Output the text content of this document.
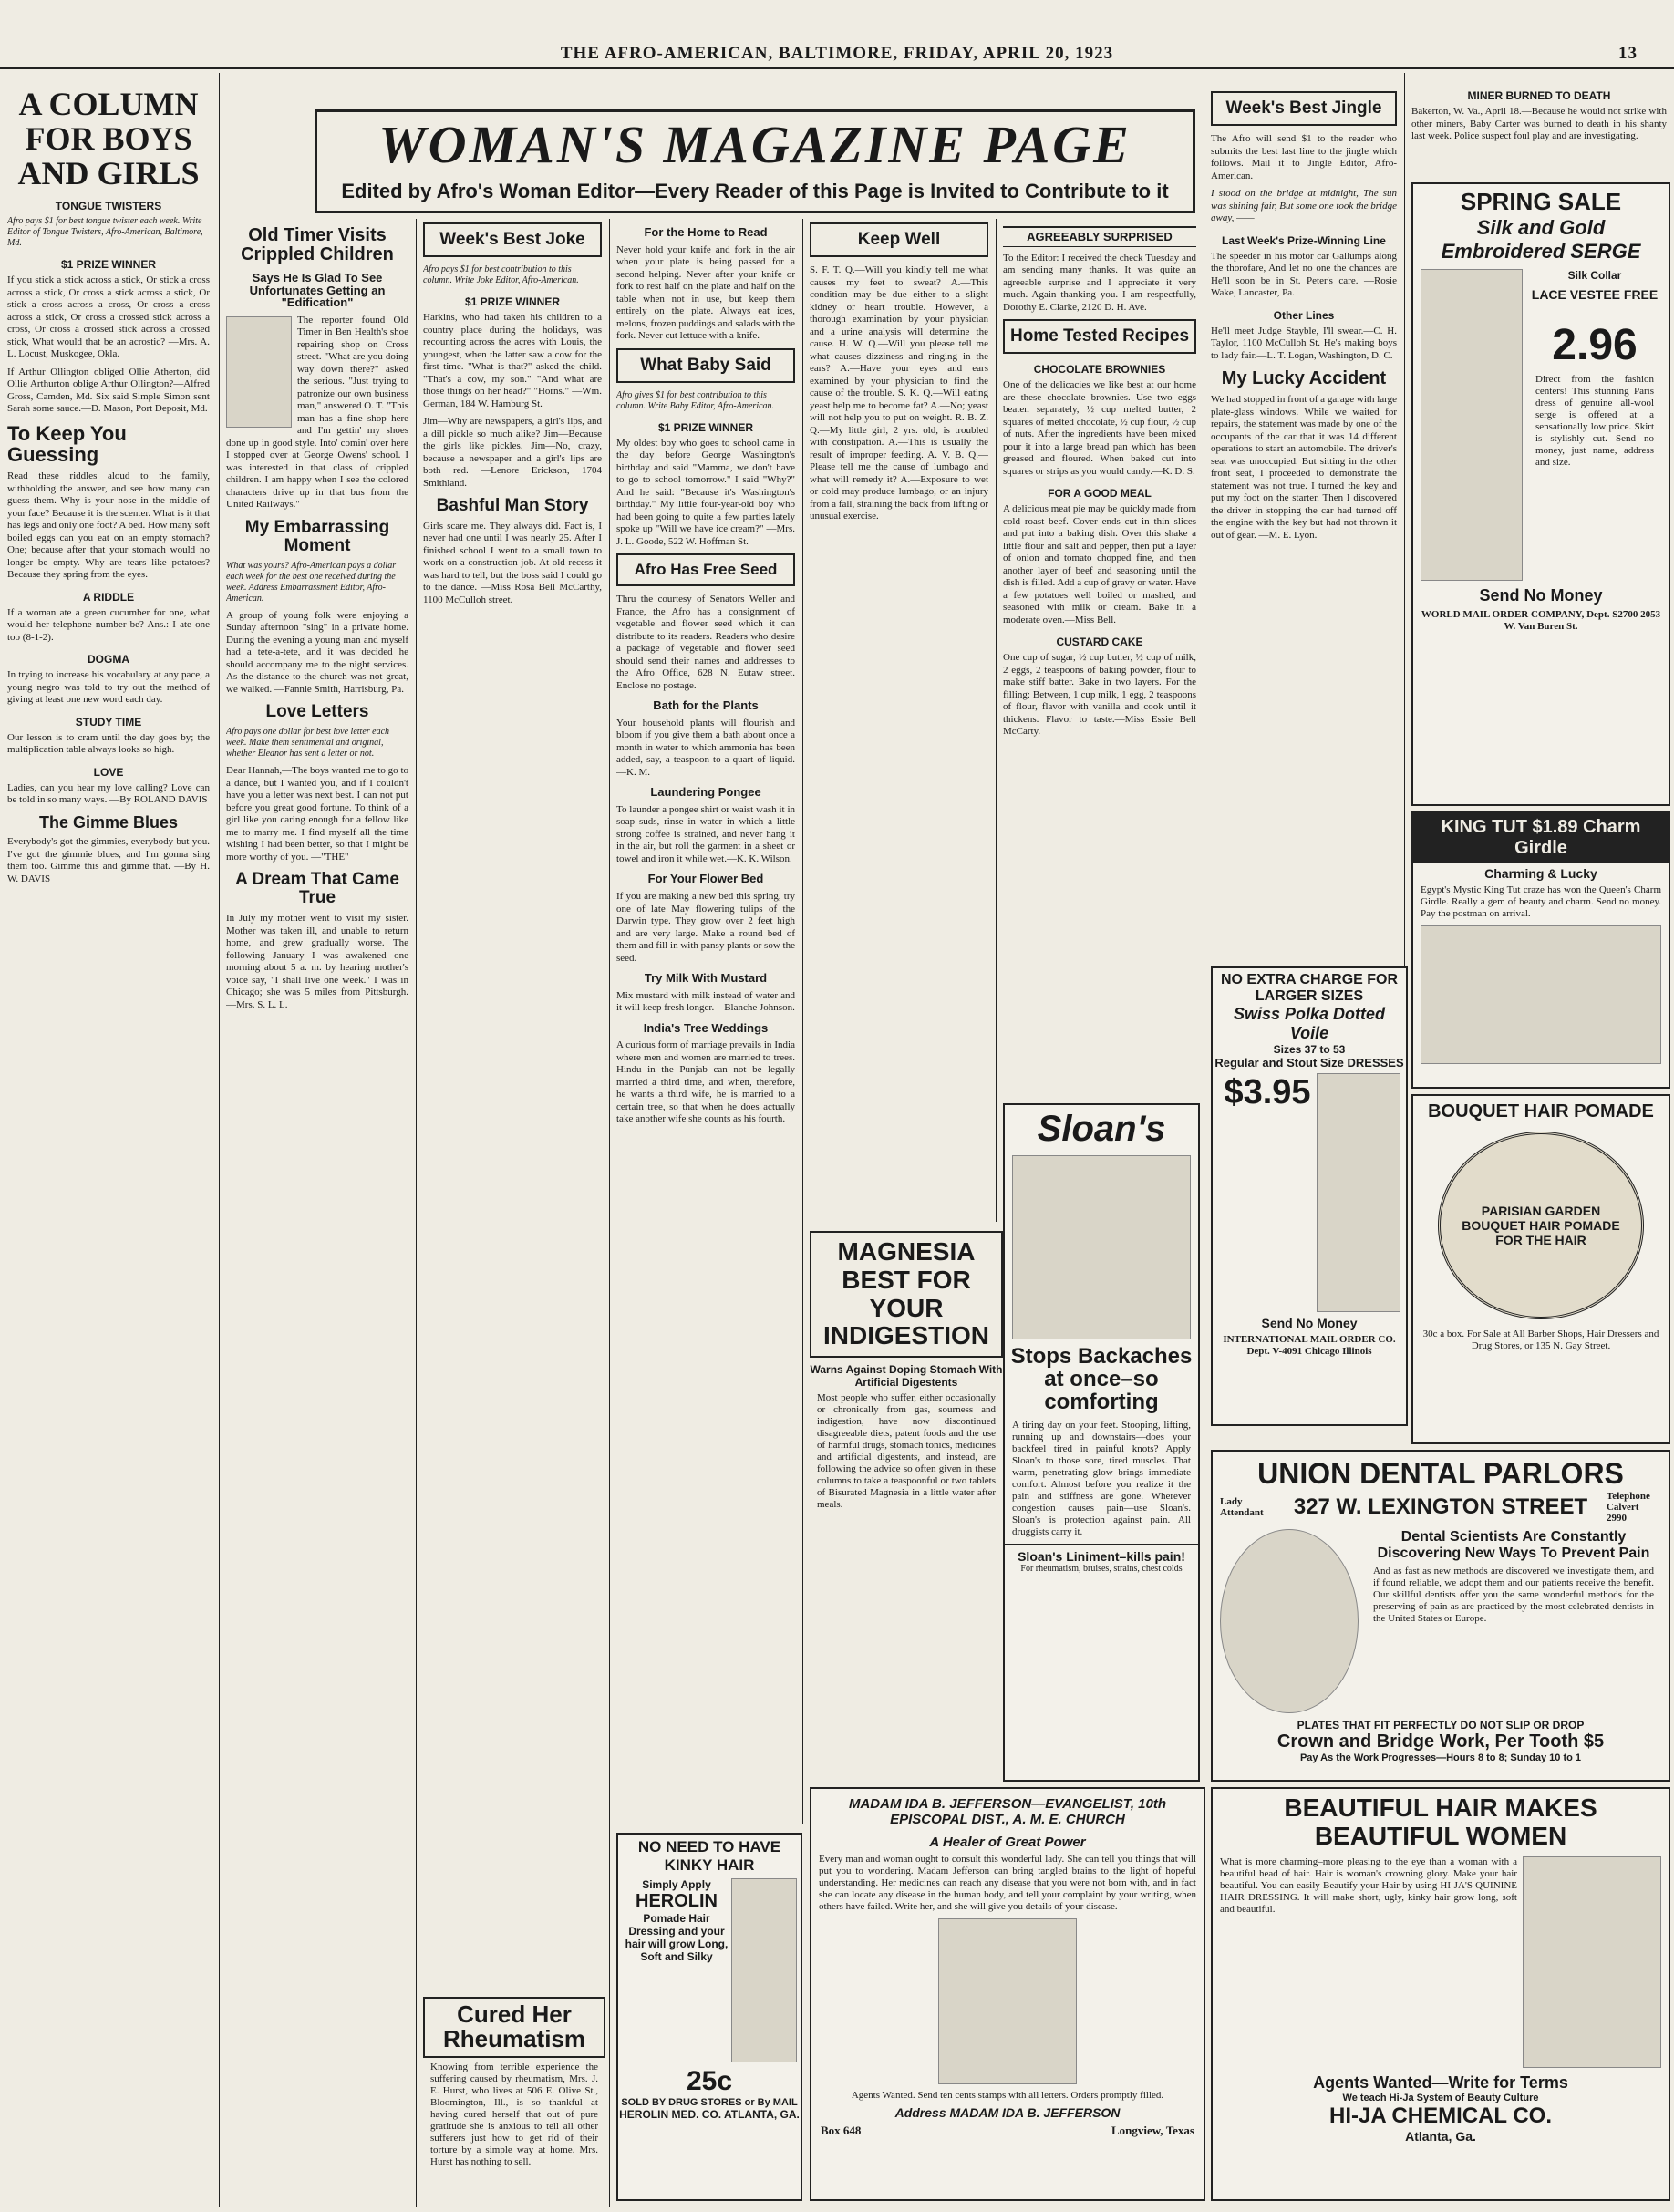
THE AFRO-AMERICAN, BALTIMORE, FRIDAY, APRIL 20, 1923	13
WOMAN'S MAGAZINE PAGE
Edited by Afro's Woman Editor—Every Reader of this Page is Invited to Contribute to it
A COLUMN FOR BOYS AND GIRLS
TONGUE TWISTERS
Afro pays $1 for best tongue twister each week. Write Editor of Tongue Twisters, Afro-American, Baltimore, Md.
$1 PRIZE WINNER

If you stick a stick across a stick, Or stick a cross across a stick, Or cross a stick across a stick, Or stick a cross across a cross, Or cross a cross across a stick, Or cross a crossed stick across a cross, Or cross a crossed stick across a crossed stick, What would that be an acrostic? —Mrs. A. L. Locust, Muskogee, Okla.

If Arthur Ollington obliged Ollie Atherton, did Ollie Arthurton oblige Arthur Ollington?—Alfred Gross, Camden, Md. Six said Simple Simon sent Sarah some sauce.—D. Mason, Port Deposit, Md.

To Keep You Guessing

Read these riddles aloud to the family, withholding the answer, and see how many can guess them. Why is your nose in the middle of your face? Because it is the scenter. What is it that has legs and only one foot? A bed. How many soft boiled eggs can you eat on an empty stomach? One; because after that your stomach would no longer be empty. Why are tears like potatoes? Because they spring from the eyes.

A RIDDLE

If a woman ate a green cucumber for one, what would her telephone number be? Ans.: I ate one too (8-1-2).

DOGMA

In trying to increase his vocabulary at any pace, a young negro was told to try out the method of giving at least one new word each day.

STUDY TIME

Our lesson is to cram until the day goes by; the multiplication table always looks so high.

LOVE

Ladies, can you hear my love calling? Love can be told in so many ways. —By ROLAND DAVIS

The Gimme Blues

Everybody's got the gimmies, everybody but you. I've got the gimmie blues, and I'm gonna sing them too. Gimme this and gimme that. —By H. W. DAVIS

Old Timer Visits Crippled Children
Says He Is Glad To See Unfortunates Getting an "Edification"

The reporter found Old Timer in Ben Health's shoe repairing shop on Cross street. "What are you doing way down there?" asked the serious. "Just trying to patronize our own business man," answered O. T. "This man has a fine shop here and I'm gettin' my shoes done up in good style. Into' comin' over here I stopped over at George Owens' school. I was interested in that class of crippled children. I am happy when I see the colored characters drive up in that bus from the United Railways."

My Embarrassing Moment
What was yours? Afro-American pays a dollar each week for the best one received during the week. Address Embarrassment Editor, Afro-American.

A group of young folk were enjoying a Sunday afternoon "sing" in a private home. During the evening a young man and myself had a tete-a-tete, and it was decided he should accompany me to the night services. As the distance to the church was not great, we walked. —Fannie Smith, Harrisburg, Pa.

Love Letters
Afro pays one dollar for best love letter each week. Make them sentimental and original, whether Eleanor has sent a letter or not.

Dear Hannah,—The boys wanted me to go to a dance, but I wanted you, and if I couldn't have you a letter was next best. I can not put before you great good fortune. To think of a girl like you caring enough for a fellow like me to marry me. I find myself all the time wishing I had been better, so that I might be more worthy of you. —"THE"

A Dream That Came True

In July my mother went to visit my sister. Mother was taken ill, and unable to return home, and grew gradually worse. The following January I was awakened one morning about 5 a. m. by hearing mother's voice say, "I shall live one week." I was in Chicago; she was 5 miles from Pittsburgh. —Mrs. S. L. L.

Week's Best Joke
Afro pays $1 for best contribution to this column. Write Joke Editor, Afro-American.
$1 PRIZE WINNER

Harkins, who had taken his children to a country place during the holidays, was recounting across the acres with Louis, the youngest, when the latter saw a cow for the first time. "What is that?" asked the child. "That's a cow, my son." "And what are those things on her head?" "Horns." —Wm. German, 184 W. Hamburg St.

Jim—Why are newspapers, a girl's lips, and a dill pickle so much alike? Jim—Because the girls like pickles. Jim—No, crazy, because a newspaper and a girl's lips are both red. —Lenore Erickson, 1704 Smithland.

Bashful Man Story

Girls scare me. They always did. Fact is, I never had one until I was nearly 25. After I finished school I went to a small town to work on a construction job. At old recess it was hard to tell, but the boss said I could go to the dance. —Miss Rosa Bell McCarthy, 1100 McCulloh street.

For the Home to Read

Never hold your knife and fork in the air when your plate is being passed for a second helping. Never after your knife or fork to rest half on the plate and half on the table when not in use, but keep them entirely on the plate. Always eat ices, melons, frozen puddings and salads with the fork. Never cut lettuce with a knife.

What Baby Said
Afro gives $1 for best contribution to this column. Write Baby Editor, Afro-American.
$1 PRIZE WINNER

My oldest boy who goes to school came in the day before George Washington's birthday and said "Mamma, we don't have to go to school tomorrow." I said "Why?" And he said: "Because it's Washington's birthday." My little four-year-old boy who had been going to quite a few parties lately spoke up "Will we have ice cream?" —Mrs. J. L. Goode, 522 W. Hoffman St.

Afro Has Free Seed

Thru the courtesy of Senators Weller and France, the Afro has a consignment of vegetable and flower seed which it can distribute to its readers. Readers who desire a package of vegetable and flower seed should send their names and addresses to the Afro Office, 628 N. Eutaw street. Enclose no postage.

Bath for the Plants

Your household plants will flourish and bloom if you give them a bath about once a month in water to which ammonia has been added, say, a teaspoon to a quart of liquid.—K. M.

Laundering Pongee

To launder a pongee shirt or waist wash it in soap suds, rinse in water in which a little strong coffee is strained, and never hang it in the air, but roll the garment in a sheet or towel and iron it while wet.—K. K. Wilson.

For Your Flower Bed

If you are making a new bed this spring, try one of late May flowering tulips of the Darwin type. They grow over 2 feet high and are very large. Make a round bed of them and fill in with pansy plants or sow the seed.

Try Milk With Mustard

Mix mustard with milk instead of water and it will keep fresh longer.—Blanche Johnson.

India's Tree Weddings

A curious form of marriage prevails in India where men and women are married to trees. Hindu in the Punjab can not be legally married a third time, and when, therefore, he wants a third wife, he is married to a certain tree, so that when he does actually take another wife she counts as his fourth.

Keep Well

S. F. T. Q.—Will you kindly tell me what causes my feet to sweat? A.—This condition may be due either to a slight kidney or heart trouble. However, a thorough examination by your physician and a urine analysis will determine the cause. H. W. Q.—Will you please tell me what causes dizziness and ringing in the ears? A.—Have your eyes and ears examined by your physician to find the cause of the trouble. S. K. Q.—Will eating yeast help me to become fat? A.—No; yeast will not help you to put on weight. R. B. Z. Q.—My little girl, 2 yrs. old, is troubled with constipation. A.—This is usually the result of improper feeding. A. V. B. Q.—Please tell me the cause of lumbago and what will remedy it? A.—Exposure to wet or cold may produce lumbago, or an injury from a fall, straining the back from lifting or unusual exercise.

AGREEABLY SURPRISED

To the Editor: I received the check Tuesday and am sending many thanks. It was quite an agreeable surprise and I appreciate it very much. Again thanking you. I am respectfully, Dorothy E. Clarke, 2120 D. H. Ave.

Home Tested Recipes
CHOCOLATE BROWNIES

One of the delicacies we like best at our home are these chocolate brownies. Use two eggs beaten separately, ½ cup melted butter, 2 squares of melted chocolate, ½ cup flour, ½ cup of nuts. After the ingredients have been mixed pour it into a large bread pan which has been greased and floured. When baked cut into squares or strips as you would candy.—K. D. S.

FOR A GOOD MEAL

A delicious meat pie may be quickly made from cold roast beef. Cover ends cut in thin slices and put into a baking dish. Over this shake a little flour and salt and pepper, then put a layer of onion and tomato chopped fine, and then another layer of beef and seasoning until the dish is filled. Add a cup of gravy or water. Have a few potatoes well boiled or mashed, and seasoned with milk or cream. Bake in a moderate oven.—Miss Bell.

CUSTARD CAKE

One cup of sugar, ½ cup butter, ½ cup of milk, 2 eggs, 2 teaspoons of baking powder, flour to make stiff batter. Bake in two layers. For the filling: Between, 1 cup milk, 1 egg, 2 teaspoons of flour, flavor with vanilla and cook until it thickens. Flavor to taste.—Miss Essie Bell McCarty.

Week's Best Jingle

The Afro will send $1 to the reader who submits the best last line to the jingle which follows. Mail it to Jingle Editor, Afro-American.

I stood on the bridge at midnight, The sun was shining fair, But some one took the bridge away, ——

Last Week's Prize-Winning Line

The speeder in his motor car Gallumps along the thorofare, And let no one the chances are He'll soon be in St. Peter's care. —Rosie Wake, Lancaster, Pa.

Other Lines

He'll meet Judge Stayble, I'll swear.—C. H. Taylor, 1100 McCulloh St. He's making boys to lady fair.—L. T. Logan, Washington, D. C.

My Lucky Accident

We had stopped in front of a garage with large plate-glass windows. While we waited for repairs, the statement was made by one of the occupants of the car that it was 14 different operations to start an automobile. The driver's seat was unoccupied. But sitting in the other front seat, I proceeded to demonstrate the statement was not true. I turned the key and put my foot on the starter. Then I discovered the driver in stopping the car had turned off the engine with the key but had not thrown it out of gear. —M. E. Lyon.

MINER BURNED TO DEATH

Bakerton, W. Va., April 18.—Because he would not strike with other miners, Baby Carter was burned to death in his shanty last week. Police suspect foul play and are investigating.

SPRING SALE
Silk and Gold Embroidered SERGE
Silk Collar
LACE VESTEE FREE
2.96

Direct from the fashion centers! This stunning Paris dress of genuine all-wool serge is offered at a sensationally low price. Skirt is stylishly cut. Send no money, just name, address and size.

Send No Money

WORLD MAIL ORDER COMPANY, Dept. S2700 2053 W. Van Buren St.

KING TUT $1.89 Charm Girdle
Charming & Lucky

Egypt's Mystic King Tut craze has won the Queen's Charm Girdle. Really a gem of beauty and charm. Send no money. Pay the postman on arrival.

NO EXTRA CHARGE FOR LARGER SIZES
Swiss Polka Dotted Voile
Sizes 37 to 53
Regular and Stout Size DRESSES
$3.95
Send No Money

INTERNATIONAL MAIL ORDER CO. Dept. V-4091 Chicago Illinois

BOUQUET HAIR POMADE
PARISIAN GARDEN BOUQUET HAIR POMADE FOR THE HAIR

30c a box. For Sale at All Barber Shops, Hair Dressers and Drug Stores, or 135 N. Gay Street.

MAGNESIA BEST FOR YOUR INDIGESTION
Warns Against Doping Stomach With Artificial Digestents

Most people who suffer, either occasionally or chronically from gas, sourness and indigestion, have now discontinued disagreeable diets, patent foods and the use of harmful drugs, stomach tonics, medicines and artificial digestents, and instead, are following the advice so often given in these columns to take a teaspoonful or two tablets of Bisurated Magnesia in a little water after meals.

Sloan's
Stops Backaches at once–so comforting

A tiring day on your feet. Stooping, lifting, running up and downstairs—does your backfeel tired in painful knots? Apply Sloan's to those sore, tired muscles. That warm, penetrating glow brings immediate comfort. Almost before you realize it the pain and stiffness are gone. Wherever congestion causes pain—use Sloan's. Sloan's is protection against pain. All druggists carry it.

Sloan's Liniment–kills pain!
For rheumatism, bruises, strains, chest colds
UNION DENTAL PARLORS
Lady Attendant	327 W. LEXINGTON STREET Telephone Calvert 2990
Dental Scientists Are Constantly Discovering New Ways To Prevent Pain

And as fast as new methods are discovered we investigate them, and if found reliable, we adopt them and our patients receive the benefit. Our skillful dentists offer you the same wonderful methods for the preserving of pain as are practiced by the most celebrated dentists in the United States or Europe.

PLATES THAT FIT PERFECTLY DO NOT SLIP OR DROP
Crown and Bridge Work, Per Tooth $5
Pay As the Work Progresses—Hours 8 to 8; Sunday 10 to 1
MADAM IDA B. JEFFERSON—EVANGELIST, 10th EPISCOPAL DIST., A. M. E. CHURCH
A Healer of Great Power

Every man and woman ought to consult this wonderful lady. She can tell you things that will put you to wondering. Madam Jefferson can bring tangled brains to the light of hopeful understanding. Her medicines can reach any disease that you were not born with, and in fact she can locate any disease in the human body, and tell your complaint by your writing, when others have failed. Write her, and she will give you details of your disease.

Agents Wanted. Send ten cents stamps with all letters. Orders promptly filled.

Address MADAM IDA B. JEFFERSON
Box 648	Longview, Texas
NO NEED TO HAVE KINKY HAIR
Simply Apply
HEROLIN
Pomade Hair Dressing and your hair will grow Long, Soft and Silky
25c
SOLD BY DRUG STORES or By MAIL
HEROLIN MED. CO. ATLANTA, GA.
Cured Her Rheumatism

Knowing from terrible experience the suffering caused by rheumatism, Mrs. J. E. Hurst, who lives at 506 E. Olive St., Bloomington, Ill., is so thankful at having cured herself that out of pure gratitude she is anxious to tell all other sufferers just how to get rid of their torture by a simple way at home. Mrs. Hurst has nothing to sell.

BEAUTIFUL HAIR MAKES BEAUTIFUL WOMEN

What is more charming–more pleasing to the eye than a woman with a beautiful head of hair. Hair is woman's crowning glory. Make your hair beautiful. You can easily Beautify your Hair by using HI-JA'S QUININE HAIR DRESSING. It will make short, ugly, kinky hair grow long, soft and beautiful.

Agents Wanted—Write for Terms
We teach Hi-Ja System of Beauty Culture
HI-JA CHEMICAL CO.
Atlanta, Ga.
